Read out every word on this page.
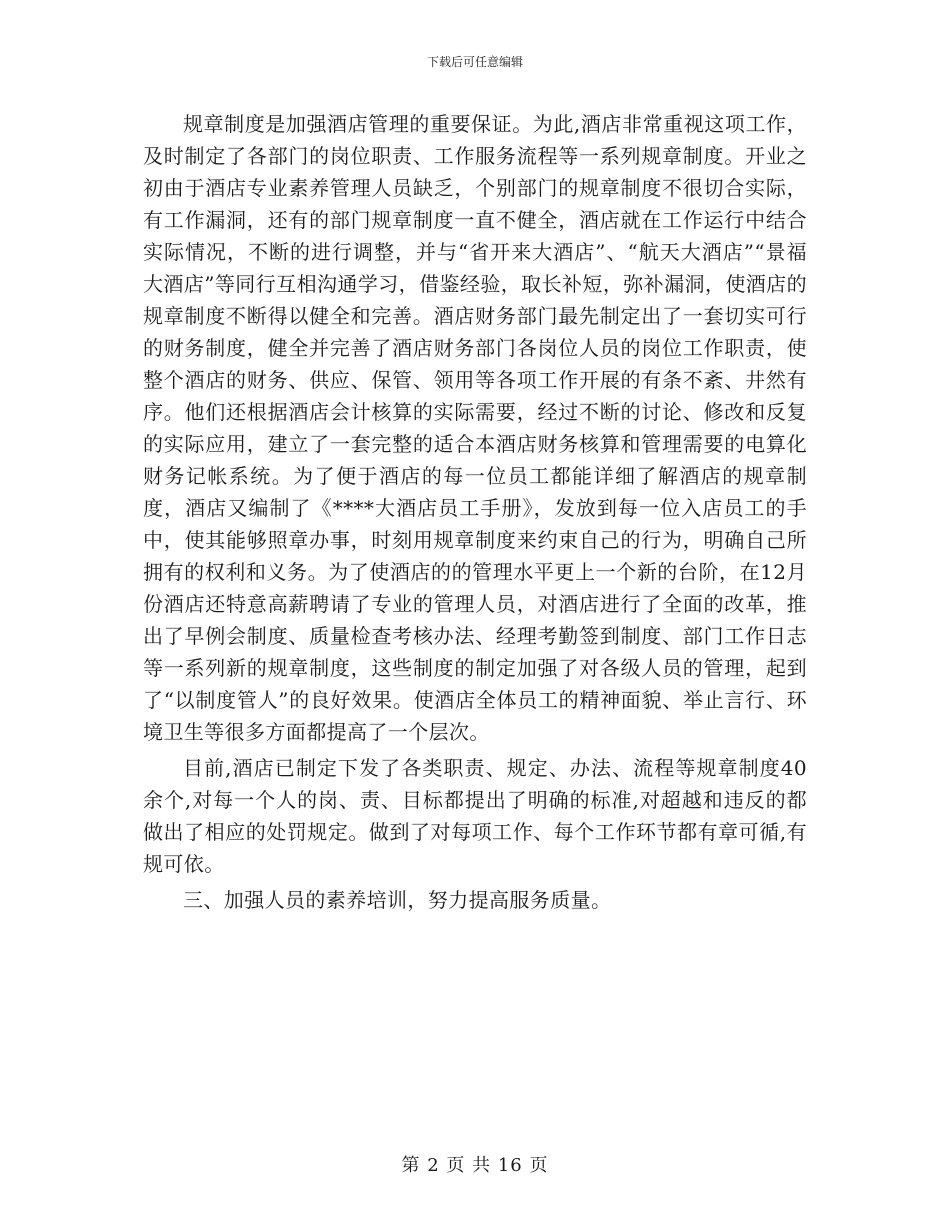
下载后可任意编辑

规章制度是加强酒店管理的重要保证。为此,酒店非常重视这项工作，及时制定了各部门的岗位职责、工作服务流程等一系列规章制度。开业之初由于酒店专业素养管理人员缺乏，个别部门的规章制度不很切合实际，有工作漏洞，还有的部门规章制度一直不健全，酒店就在工作运行中结合实际情况，不断的进行调整，并与“省开来大酒店”、“航天大酒店”“景福大酒店”等同行互相沟通学习，借鉴经验，取长补短，弥补漏洞，使酒店的规章制度不断得以健全和完善。酒店财务部门最先制定出了一套切实可行的财务制度，健全并完善了酒店财务部门各岗位人员的岗位工作职责，使整个酒店的财务、供应、保管、领用等各项工作开展的有条不紊、井然有序。他们还根据酒店会计核算的实际需要，经过不断的讨论、修改和反复的实际应用，建立了一套完整的适合本酒店财务核算和管理需要的电算化财务记帐系统。为了便于酒店的每一位员工都能详细了解酒店的规章制度，酒店又编制了《****大酒店员工手册》，发放到每一位入店员工的手中，使其能够照章办事，时刻用规章制度来约束自己的行为，明确自己所拥有的权利和义务。为了使酒店的的管理水平更上一个新的台阶，在12月份酒店还特意高薪聘请了专业的管理人员，对酒店进行了全面的改革，推出了早例会制度、质量检查考核办法、经理考勤签到制度、部门工作日志等一系列新的规章制度，这些制度的制定加强了对各级人员的管理，起到了“以制度管人”的良好效果。使酒店全体员工的精神面貌、举止言行、环境卫生等很多方面都提高了一个层次。

目前,酒店已制定下发了各类职责、规定、办法、流程等规章制度40余个,对每一个人的岗、责、目标都提出了明确的标准,对超越和违反的都做出了相应的处罚规定。做到了对每项工作、每个工作环节都有章可循,有规可依。

三、加强人员的素养培训，努力提高服务质量。

第 2 页 共 16 页
